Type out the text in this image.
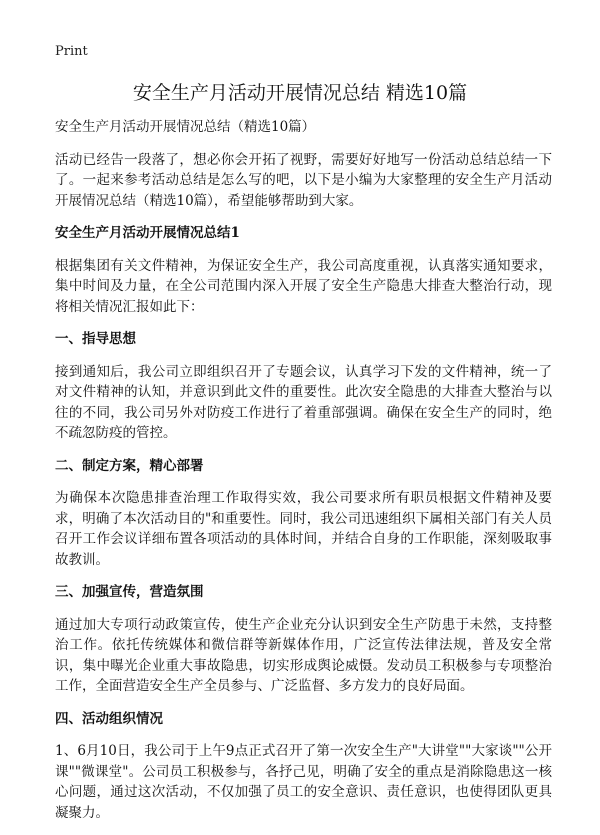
Print
安全生产月活动开展情况总结 精选10篇

安全生产月活动开展情况总结（精选10篇）

活动已经告一段落了，想必你会开拓了视野，需要好好地写一份活动总结总结一下了。一起来参考活动总结是怎么写的吧，以下是小编为大家整理的安全生产月活动开展情况总结（精选10篇），希望能够帮助到大家。

安全生产月活动开展情况总结1

根据集团有关文件精神，为保证安全生产，我公司高度重视，认真落实通知要求，集中时间及力量，在全公司范围内深入开展了安全生产隐患大排查大整治行动，现将相关情况汇报如此下：

一、指导思想

接到通知后，我公司立即组织召开了专题会议，认真学习下发的文件精神，统一了对文件精神的认知，并意识到此文件的重要性。此次安全隐患的大排查大整治与以往的不同，我公司另外对防疫工作进行了着重部强调。确保在安全生产的同时，绝不疏忽防疫的管控。

二、制定方案，精心部署

为确保本次隐患排查治理工作取得实效，我公司要求所有职员根据文件精神及要求，明确了本次活动目的"和重要性。同时，我公司迅速组织下属相关部门有关人员召开工作会议详细布置各项活动的具体时间，并结合自身的工作职能，深刻吸取事故教训。

三、加强宣传，营造氛围

通过加大专项行动政策宣传，使生产企业充分认识到安全生产防患于未然，支持整治工作。依托传统媒体和微信群等新媒体作用，广泛宣传法律法规，普及安全常识，集中曝光企业重大事故隐患，切实形成舆论威慑。发动员工积极参与专项整治工作，全面营造安全生产全员参与、广泛监督、多方发力的良好局面。

四、活动组织情况

1、6月10日，我公司于上午9点正式召开了第一次安全生产"大讲堂""大家谈""公开课""微课堂"。公司员工积极参与，各抒己见，明确了安全的重点是消除隐患这一核心问题，通过这次活动，不仅加强了员工的安全意识、责任意识，也使得团队更具凝聚力。
